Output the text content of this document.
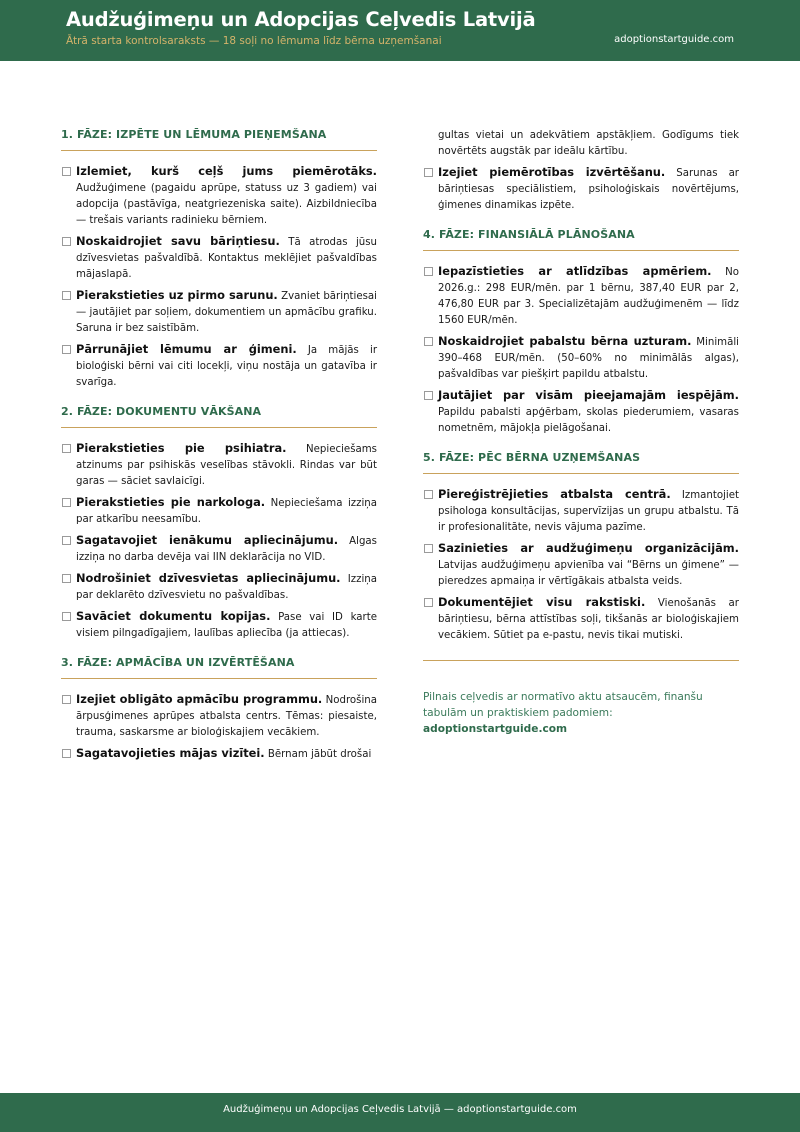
Audžuģimeņu un Adopcijas Ceļvedis Latvijā
Ātrā starta kontrolsaraksts — 18 soļi no lēmuma līdz bērna uzņemšanai	adoptionstartguide.com
1. FĀZE: IZPĒTE UN LĒMUMA PIEŅEMŠANA
Izlemiet, kurš ceļš jums piemērotāks. Audžuģimene (pagaidu aprūpe, statuss uz 3 gadiem) vai adopcija (pastāvīga, neatgriezeniska saite). Aizbildniecība — trešais variants radinieku bērniem.
Noskaidrojiet savu bāriņtiesu. Tā atrodas jūsu dzīvesvietas pašvaldībā. Kontaktus meklējiet pašvaldības mājaslapā.
Pierakstieties uz pirmo sarunu. Zvaniet bāriņtiesai — jautājiet par soļiem, dokumentiem un apmācību grafiku. Saruna ir bez saistībām.
Pārrunājiet lēmumu ar ģimeni. Ja mājās ir bioloģiski bērni vai citi locekļi, viņu nostāja un gatavība ir svarīga.
2. FĀZE: DOKUMENTU VĀKŠANA
Pierakstieties pie psihiatra. Nepieciešams atzinums par psihiskās veselības stāvokli. Rindas var būt garas — sāciet savlaicīgi.
Pierakstieties pie narkologa. Nepieciešama izziņa par atkarību neesamību.
Sagatavojiet ienākumu apliecinājumu. Algas izziņa no darba devēja vai IIN deklarācija no VID.
Nodrošiniet dzīvesvietas apliecinājumu. Izziņa par deklarēto dzīvesvietu no pašvaldības.
Savāciet dokumentu kopijas. Pase vai ID karte visiem pilngadīgajiem, laulības apliecība (ja attiecas).
3. FĀZE: APMĀCĪBA UN IZVĒRTĒŠANA
Izejiet obligāto apmācību programmu. Nodrošina ārpusģimenes aprūpes atbalsta centrs. Tēmas: piesaiste, trauma, saskarsme ar bioloģiskajiem vecākiem.
Sagatavojieties mājas vizītei. Bērnam jābūt drošai
gultas vietai un adekvātiem apstākļiem. Godīgums tiek novērtēts augstāk par ideālu kārtību.
Izejiet piemērotības izvērtēšanu. Sarunas ar bāriņtiesas speciālistiem, psiholoģiskais novērtējums, ģimenes dinamikas izpēte.
4. FĀZE: FINANSIĀLĀ PLĀNOŠANA
Iepazīstieties ar atlīdzības apmēriem. No 2026.g.: 298 EUR/mēn. par 1 bērnu, 387,40 EUR par 2, 476,80 EUR par 3. Specializētajām audžuģimenēm — līdz 1560 EUR/mēn.
Noskaidrojiet pabalstu bērna uzturam. Minimāli 390–468 EUR/mēn. (50–60% no minimālās algas), pašvaldības var piešķirt papildu atbalstu.
Jautājiet par visām pieejamajām iespējām. Papildu pabalsti apģērbam, skolas piederumiem, vasaras nometnēm, mājokļa pielāgošanai.
5. FĀZE: PĒC BĒRNA UZŅEMŠANAS
Piereģistrējieties atbalsta centrā. Izmantojiet psihologa konsultācijas, supervīzijas un grupu atbalstu. Tā ir profesionalitāte, nevis vājuma pazīme.
Sazinieties ar audžuģimeņu organizācijām. Latvijas audžuģimeņu apvienība vai “Bērns un ģimene” — pieredzes apmaiņa ir vērtīgākais atbalsta veids.
Dokumentējiet visu rakstiski. Vienošanās ar bāriņtiesu, bērna attīstības soļi, tikšanās ar bioloģiskajiem vecākiem. Sūtiet pa e-pastu, nevis tikai mutiski.
Pilnais ceļvedis ar normatīvo aktu atsaucēm, finanšu tabulām un praktiskiem padomiem:
adoptionstartguide.com
Audžuģimeņu un Adopcijas Ceļvedis Latvijā — adoptionstartguide.com
